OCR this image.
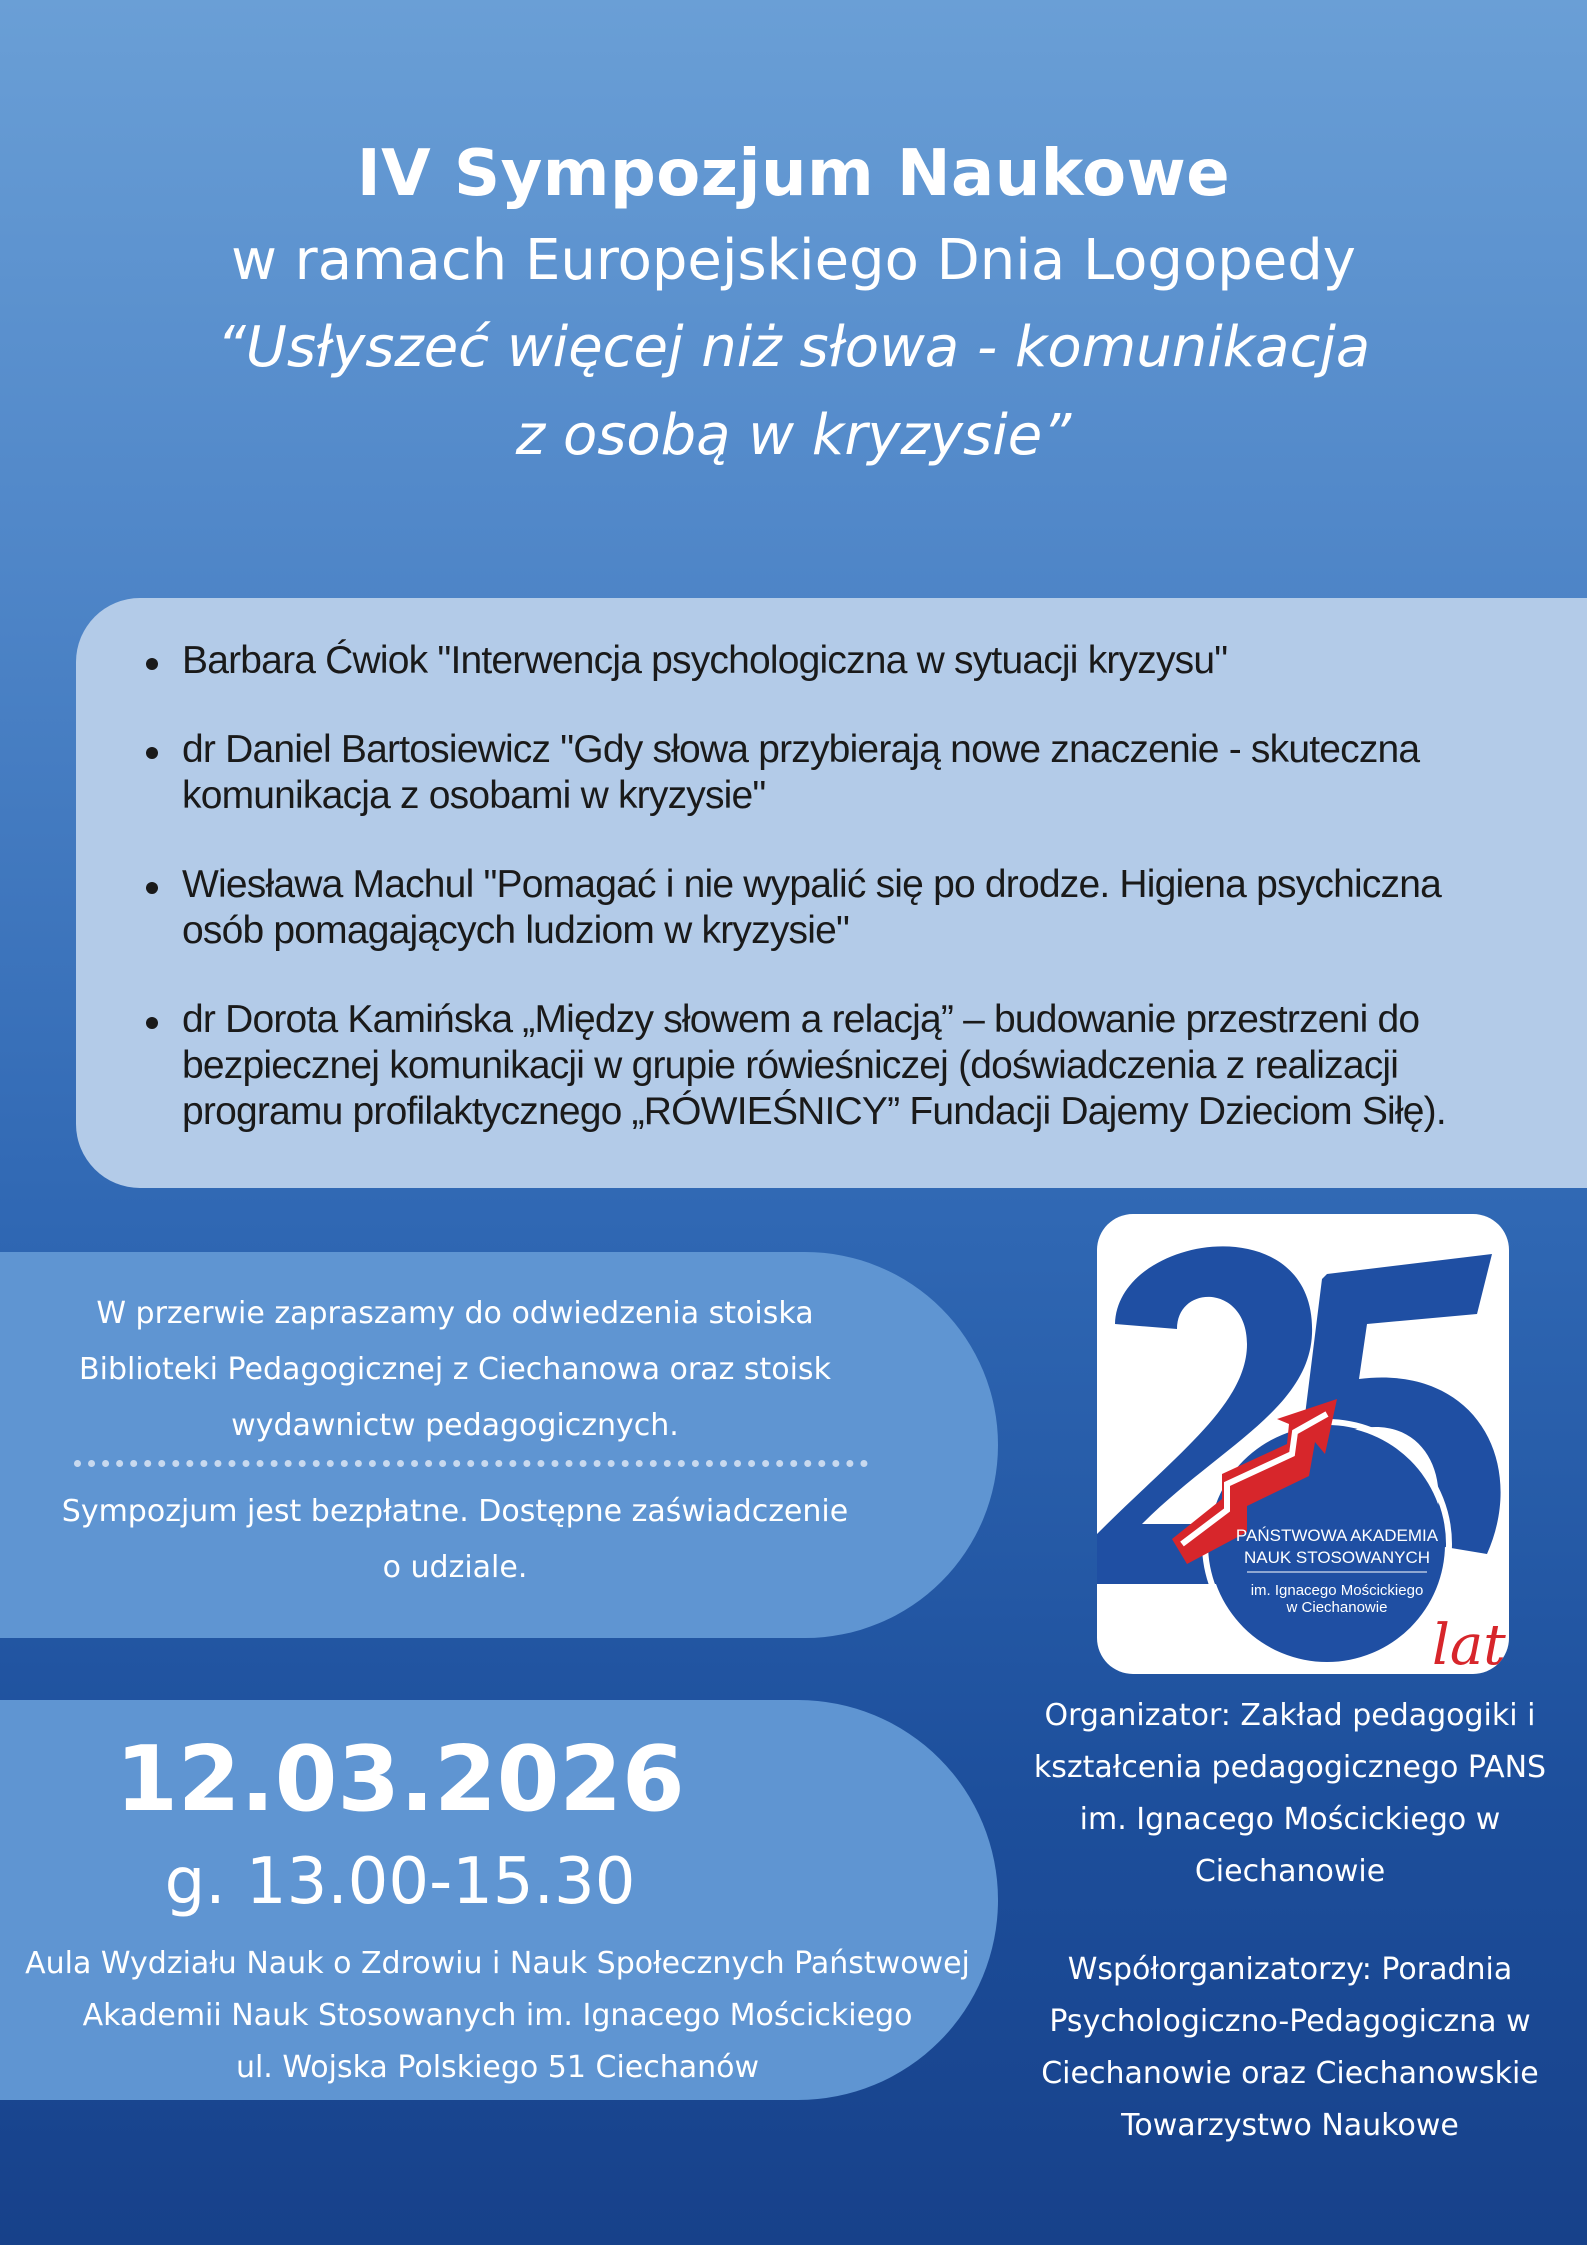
IV Sympozjum Naukowe

w ramach Europejskiego Dnia Logopedy

“Usłyszeć więcej niż słowa - komunikacja

z osobą w kryzysie”

Barbara Ćwiok "Interwencja psychologiczna w sytuacji kryzysu"
dr Daniel Bartosiewicz "Gdy słowa przybierają nowe znaczenie - skuteczna
komunikacja z osobami w kryzysie"
Wiesława Machul "Pomagać i nie wypalić się po drodze. Higiena psychiczna
osób pomagających ludziom w kryzysie"
dr Dorota Kamińska „Między słowem a relacją” – budowanie przestrzeni do
bezpiecznej komunikacji w grupie rówieśniczej (doświadczenia z realizacji
programu profilaktycznego „RÓWIEŚNICY” Fundacji Dajemy Dzieciom Siłę).

W przerwie zapraszamy do odwiedzenia stoiska

Biblioteki Pedagogicznej z Ciechanowa oraz stoisk

wydawnictw pedagogicznych.

Sympozjum jest bezpłatne. Dostępne zaświadczenie

o udziale.

12.03.2026
g. 13.00-15.30
Aula Wydziału Nauk o Zdrowiu i Nauk Społecznych Państwowej
Akademii Nauk Stosowanych im. Ignacego Mościckiego
ul. Wojska Polskiego 51 Ciechanów
PAŃSTWOWA AKADEMIA
NAUK STOSOWANYCH
im. Ignacego Mościckiego
w Ciechanowie
lat
Organizator: Zakład pedagogiki i
kształcenia pedagogicznego PANS
im. Ignacego Mościckiego w
Ciechanowie
Współorganizatorzy: Poradnia
Psychologiczno-Pedagogiczna w
Ciechanowie oraz Ciechanowskie
Towarzystwo Naukowe
